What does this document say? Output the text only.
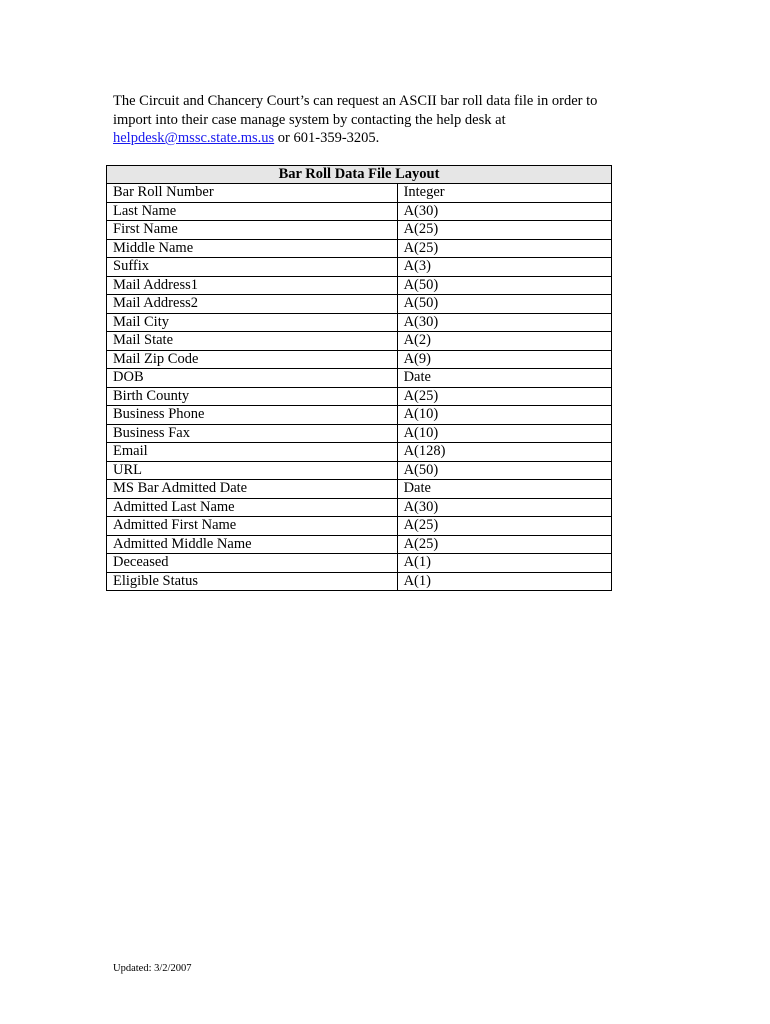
The Circuit and Chancery Court’s can request an ASCII bar roll data file in order to import into their case manage system by contacting the help desk at
helpdesk@mssc.state.ms.us or 601-359-3205.

Bar Roll Data File Layout	
Bar Roll Number	Integer
Last Name	A(30)
First Name	A(25)
Middle Name	A(25)
Suffix	A(3)
Mail Address1	A(50)
Mail Address2	A(50)
Mail City	A(30)
Mail State	A(2)
Mail Zip Code	A(9)
DOB	Date
Birth County	A(25)
Business Phone	A(10)
Business Fax	A(10)
Email	A(128)
URL	A(50)
MS Bar Admitted Date	Date
Admitted Last Name	A(30)
Admitted First Name	A(25)
Admitted Middle Name	A(25)
Deceased	A(1)
Eligible Status	A(1)
Updated: 3/2/2007
